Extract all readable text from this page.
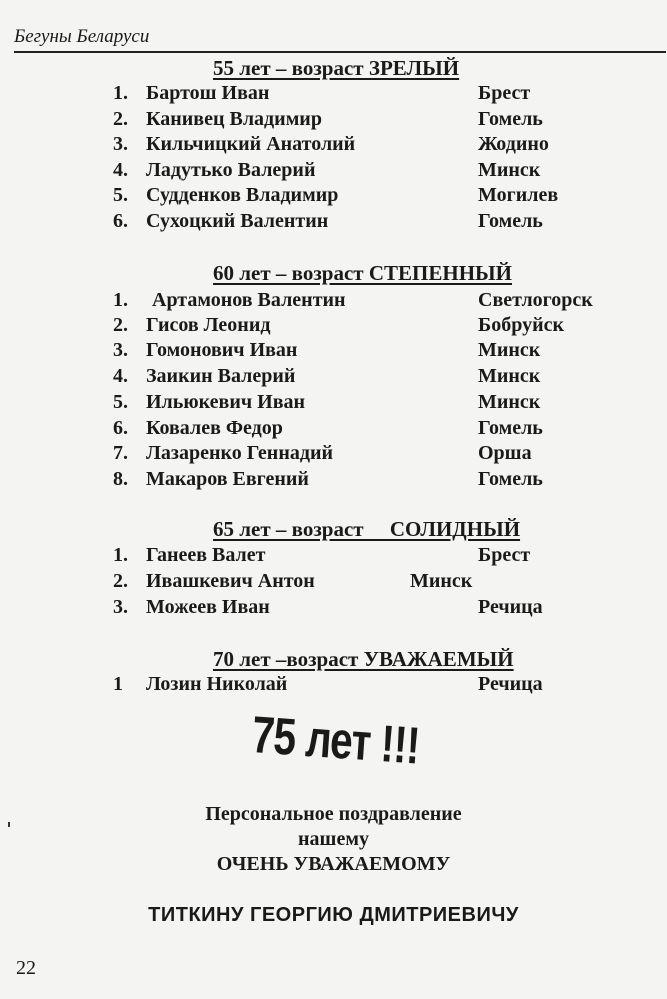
Бегуны Беларуси
55 лет – возраст ЗРЕЛЫЙ
1. Бартош Иван	Брест
2. Канивец Владимир	Гомель
3. Кильчицкий Анатолий	Жодино
4. Ладутько Валерий	Минск
5. Судденков Владимир	Могилев
6. Сухоцкий Валентин	Гомель
60 лет – возраст СТЕПЕННЫЙ
1. Артамонов Валентин	Светлогорск
2. Гисов Леонид	Бобруйск
3. Гомонович Иван	Минск
4. Заикин Валерий	Минск
5. Ильюкевич Иван	Минск
6. Ковалев Федор	Гомель
7. Лазаренко Геннадий	Орша
8. Макаров Евгений	Гомель
65 лет – возраст     СОЛИДНЫЙ
1. Ганеев Валет	Брест
2. Ивашкевич Антон	Минск
3. Можеев Иван	Речица
70 лет –возраст УВАЖАЕМЫЙ
1 Лозин Николай	Речица
75 лет !!!
Персональное поздравление
нашему
ОЧЕНЬ УВАЖАЕМОМУ
ТИТКИНУ ГЕОРГИЮ ДМИТРИЕВИЧУ
22
